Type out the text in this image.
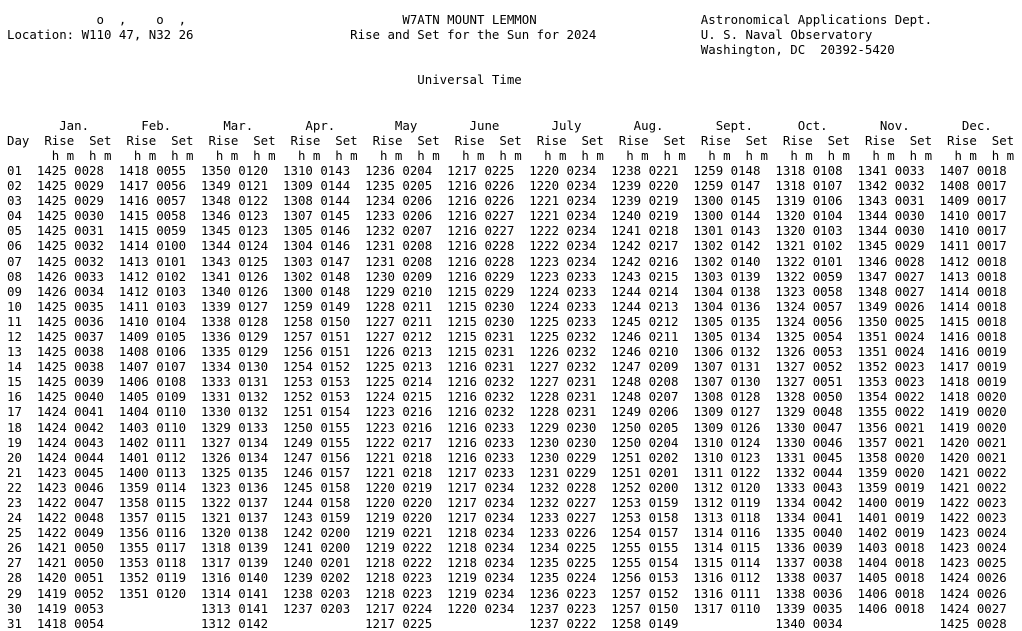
o  ,    o  ,	W7ATN MOUNT LEMMON	Astronomical Applications Dept.
Location: W110 47, N32 26	Rise and Set for the Sun for 2024	U. S. Naval Observatory
Washington, DC  20392-5420

Universal Time

Jan.       Feb.       Mar.       Apr.        May       June       July       Aug.       Sept.      Oct.       Nov.       Dec.
Day  Rise  Set  Rise  Set  Rise  Set  Rise  Set  Rise  Set  Rise  Set  Rise  Set  Rise  Set  Rise  Set  Rise  Set  Rise  Set  Rise  Set
h m  h m   h m  h m   h m  h m   h m  h m   h m  h m   h m  h m   h m  h m   h m  h m   h m  h m   h m  h m   h m  h m   h m  h m
01 1425 0028 1418 0055 1350 0120 1310 0143 1236 0204 1217 0225 1220 0234 1238 0221 1259 0148 1318 0108 1341 0033 1407 0018
02 1425 0029 1417 0056 1349 0121 1309 0144 1235 0205 1216 0226 1220 0234 1239 0220 1259 0147 1318 0107 1342 0032 1408 0017
03 1425 0029 1416 0057 1348 0122 1308 0144 1234 0206 1216 0226 1221 0234 1239 0219 1300 0145 1319 0106 1343 0031 1409 0017
04 1425 0030 1415 0058 1346 0123 1307 0145 1233 0206 1216 0227 1221 0234 1240 0219 1300 0144 1320 0104 1344 0030 1410 0017
05 1425 0031 1415 0059 1345 0123 1305 0146 1232 0207 1216 0227 1222 0234 1241 0218 1301 0143 1320 0103 1344 0030 1410 0017
06 1425 0032 1414 0100 1344 0124 1304 0146 1231 0208 1216 0228 1222 0234 1242 0217 1302 0142 1321 0102 1345 0029 1411 0017
07 1425 0032 1413 0101 1343 0125 1303 0147 1231 0208 1216 0228 1223 0234 1242 0216 1302 0140 1322 0101 1346 0028 1412 0018
08 1426 0033 1412 0102 1341 0126 1302 0148 1230 0209 1216 0229 1223 0233 1243 0215 1303 0139 1322 0059 1347 0027 1413 0018
09 1426 0034 1412 0103 1340 0126 1300 0148 1229 0210 1215 0229 1224 0233 1244 0214 1304 0138 1323 0058 1348 0027 1414 0018
10 1425 0035 1411 0103 1339 0127 1259 0149 1228 0211 1215 0230 1224 0233 1244 0213 1304 0136 1324 0057 1349 0026 1414 0018
11 1425 0036 1410 0104 1338 0128 1258 0150 1227 0211 1215 0230 1225 0233 1245 0212 1305 0135 1324 0056 1350 0025 1415 0018
12 1425 0037 1409 0105 1336 0129 1257 0151 1227 0212 1215 0231 1225 0232 1246 0211 1305 0134 1325 0054 1351 0024 1416 0018
13 1425 0038 1408 0106 1335 0129 1256 0151 1226 0213 1215 0231 1226 0232 1246 0210 1306 0132 1326 0053 1351 0024 1416 0019
14 1425 0038 1407 0107 1334 0130 1254 0152 1225 0213 1216 0231 1227 0232 1247 0209 1307 0131 1327 0052 1352 0023 1417 0019
15 1425 0039 1406 0108 1333 0131 1253 0153 1225 0214 1216 0232 1227 0231 1248 0208 1307 0130 1327 0051 1353 0023 1418 0019
16 1425 0040 1405 0109 1331 0132 1252 0153 1224 0215 1216 0232 1228 0231 1248 0207 1308 0128 1328 0050 1354 0022 1418 0020
17 1424 0041 1404 0110 1330 0132 1251 0154 1223 0216 1216 0232 1228 0231 1249 0206 1309 0127 1329 0048 1355 0022 1419 0020
18 1424 0042 1403 0110 1329 0133 1250 0155 1223 0216 1216 0233 1229 0230 1250 0205 1309 0126 1330 0047 1356 0021 1419 0020
19 1424 0043 1402 0111 1327 0134 1249 0155 1222 0217 1216 0233 1230 0230 1250 0204 1310 0124 1330 0046 1357 0021 1420 0021
20 1424 0044 1401 0112 1326 0134 1247 0156 1221 0218 1216 0233 1230 0229 1251 0202 1310 0123 1331 0045 1358 0020 1420 0021
21 1423 0045 1400 0113 1325 0135 1246 0157 1221 0218 1217 0233 1231 0229 1251 0201 1311 0122 1332 0044 1359 0020 1421 0022
22 1423 0046 1359 0114 1323 0136 1245 0158 1220 0219 1217 0234 1232 0228 1252 0200 1312 0120 1333 0043 1359 0019 1421 0022
23 1422 0047 1358 0115 1322 0137 1244 0158 1220 0220 1217 0234 1232 0227 1253 0159 1312 0119 1334 0042 1400 0019 1422 0023
24 1422 0048 1357 0115 1321 0137 1243 0159 1219 0220 1217 0234 1233 0227 1253 0158 1313 0118 1334 0041 1401 0019 1422 0023
25 1422 0049 1356 0116 1320 0138 1242 0200 1219 0221 1218 0234 1233 0226 1254 0157 1314 0116 1335 0040 1402 0019 1423 0024
26 1421 0050 1355 0117 1318 0139 1241 0200 1219 0222 1218 0234 1234 0225 1255 0155 1314 0115 1336 0039 1403 0018 1423 0024
27 1421 0050 1353 0118 1317 0139 1240 0201 1218 0222 1218 0234 1235 0225 1255 0154 1315 0114 1337 0038 1404 0018 1423 0025
28 1420 0051 1352 0119 1316 0140 1239 0202 1218 0223 1219 0234 1235 0224 1256 0153 1316 0112 1338 0037 1405 0018 1424 0026
29 1419 0052 1351 0120 1314 0141 1238 0203 1218 0223 1219 0234 1236 0223 1257 0152 1316 0111 1338 0036 1406 0018 1424 0026
30 1419 0053	1313 0141 1237 0203 1217 0224 1220 0234 1237 0223 1257 0150 1317 0110 1339 0035 1406 0018 1424 0027
31 1418 0054	1312 0142	1217 0225	1237 0222 1258 0149	1340 0034	1425 0028
